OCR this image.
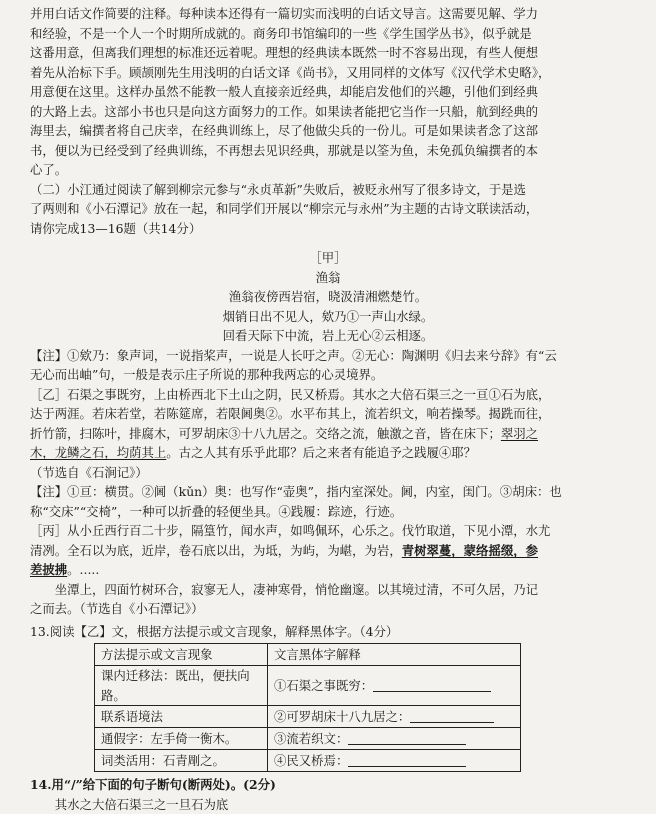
并用白话文作简要的注释。每种读本还得有一篇切实而浅明的白话文导言。这需要见解、学力

和经验，不是一个人一个时期所成就的。商务印书馆编印的一些《学生国学丛书》，似乎就是

这番用意，但离我们理想的标准还远着呢。理想的经典读本既然一时不容易出现，有些人便想

着先从治标下手。顾颉刚先生用浅明的白话文译《尚书》，又用同样的文体写《汉代学术史略》，

用意便在这里。这样办虽然不能教一般人直接亲近经典，却能启发他们的兴趣，引他们到经典

的大路上去。这部小书也只是向这方面努力的工作。如果读者能把它当作一只船，航到经典的

海里去，编撰者将自己庆幸，在经典训练上，尽了他做尖兵的一份儿。可是如果读者念了这部

书，便以为已经受到了经典训练，不再想去见识经典，那就是以筌为鱼，未免孤负编撰者的本

心了。

（二）小江通过阅读了解到柳宗元参与“永贞革新”失败后，被贬永州写了很多诗文，于是选

了两则和《小石潭记》放在一起，和同学们开展以“柳宗元与永州”为主题的古诗文联读活动，

请你完成13—16题（共14分）

［甲］

渔翁

渔翁夜傍西岩宿，晓汲清湘燃楚竹。

烟销日出不见人，欸乃①一声山水绿。

回看天际下中流，岩上无心②云相逐。

【注】①欸乃：象声词，一说指桨声，一说是人长吁之声。②无心：陶渊明《归去来兮辞》有“云

无心而出岫”句，一般是表示庄子所说的那种我两忘的心灵境界。

［乙］石渠之事既穷，上由桥西北下土山之阴，民又桥焉。其水之大倍石渠三之一亘①石为底，

达于两涯。若床若堂，若陈筵席，若限阃奥②。水平布其上，流若织文，响若操琴。揭跣而往，

折竹箭，扫陈叶，排腐木，可罗胡床③十八九居之。交络之流，触激之音，皆在床下；翠羽之

木，龙鳞之石，均荫其上。古之人其有乐乎此耶？后之来者有能追予之践履④耶？

（节选自《石涧记》）

【注】①亘：横贯。②阃（kǔn）奥：也写作“壶奥”，指内室深处。阃，内室，闺门。③胡床：也

称“交床”“交椅”，一种可以折叠的轻便坐具。④践履：踪迹，行迹。

［丙］从小丘西行百二十步，隔篁竹，闻水声，如鸣佩环，心乐之。伐竹取道，下见小潭，水尤

清冽。全石以为底，近岸，卷石底以出，为坻，为屿，为嵁，为岩，青树翠蔓，蒙络摇缀，参

差披拂。.....

坐潭上，四面竹树环合，寂寥无人，凄神寒骨，悄怆幽邃。以其境过清，不可久居，乃记

之而去。（节选自《小石潭记》）

13.阅读【乙】文，根据方法提示或文言现象，解释黑体字。（4分）

方法提示或文言现象	文言黑体字解释
课内迁移法：既出，便扶向路。	①石渠之事既穷：
联系语境法	②可罗胡床十八九居之：
通假字：左手倚一衡木。	③流若织文：
词类活用：石青㓮之。	④民又桥焉：

14.用“/”给下面的句子断句(断两处)。(2分)

其水之大倍石渠三之一旦石为底
